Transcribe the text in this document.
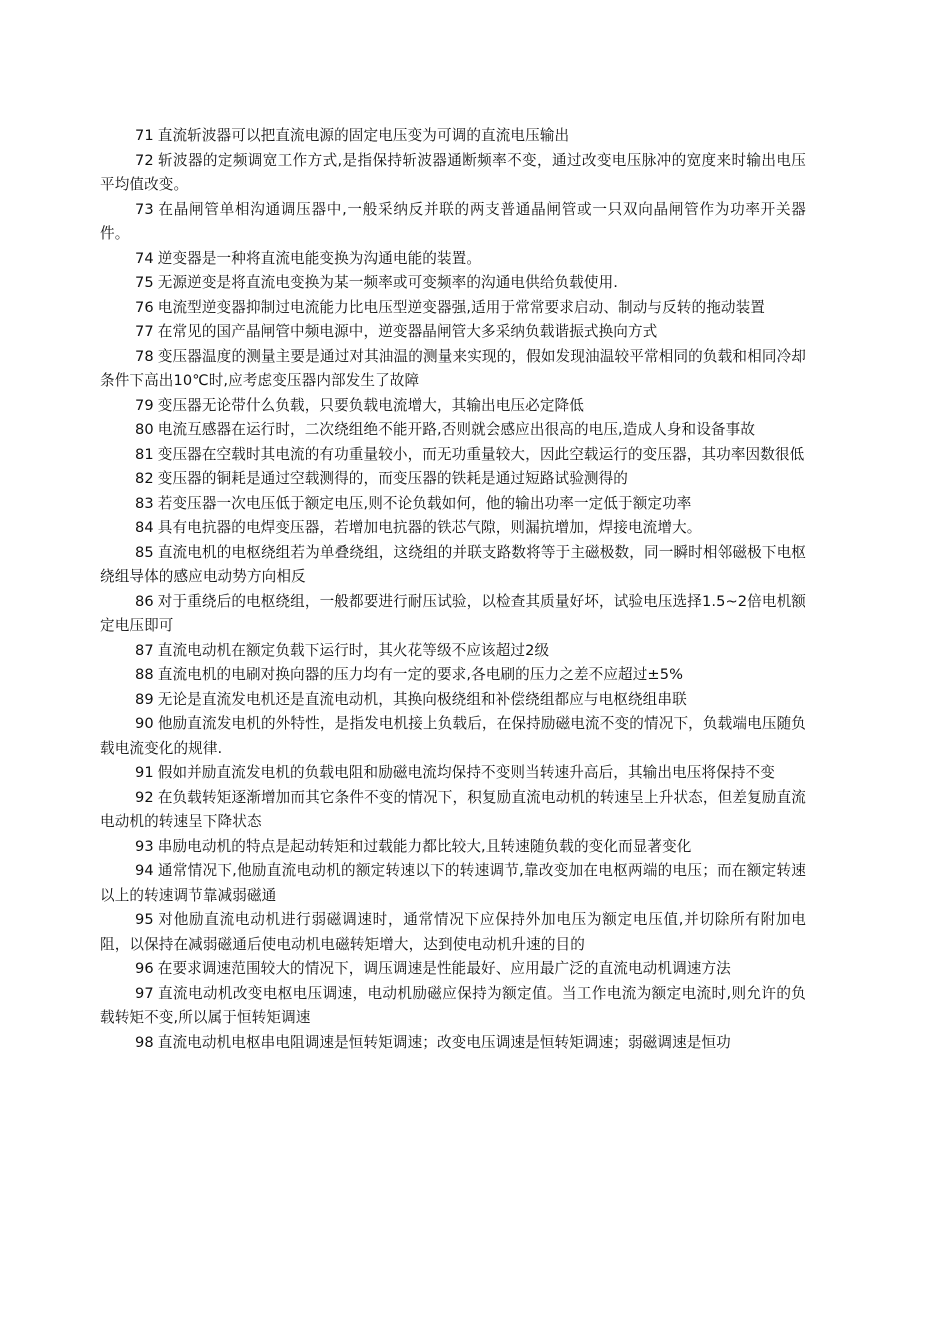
71 直流斩波器可以把直流电源的固定电压变为可调的直流电压输出

72 斩波器的定频调宽工作方式,是指保持斩波器通断频率不变，通过改变电压脉冲的宽度来时输出电压平均值改变。

73 在晶闸管单相沟通调压器中,一般采纳反并联的两支普通晶闸管或一只双向晶闸管作为功率开关器件。

74 逆变器是一种将直流电能变换为沟通电能的装置。

75 无源逆变是将直流电变换为某一频率或可变频率的沟通电供给负载使用.

76 电流型逆变器抑制过电流能力比电压型逆变器强,适用于常常要求启动、制动与反转的拖动装置

77 在常见的国产晶闸管中频电源中，逆变器晶闸管大多采纳负载谐振式换向方式

78 变压器温度的测量主要是通过对其油温的测量来实现的，假如发现油温较平常相同的负载和相同冷却条件下高出10℃时,应考虑变压器内部发生了故障

79 变压器无论带什么负载，只要负载电流增大，其输出电压必定降低

80 电流互感器在运行时，二次绕组绝不能开路,否则就会感应出很高的电压,造成人身和设备事故

81 变压器在空载时其电流的有功重量较小，而无功重量较大，因此空载运行的变压器，其功率因数很低

82 变压器的铜耗是通过空载测得的，而变压器的铁耗是通过短路试验测得的

83 若变压器一次电压低于额定电压,则不论负载如何，他的输出功率一定低于额定功率

84 具有电抗器的电焊变压器，若增加电抗器的铁芯气隙，则漏抗增加，焊接电流增大。

85 直流电机的电枢绕组若为单叠绕组，这绕组的并联支路数将等于主磁极数，同一瞬时相邻磁极下电枢绕组导体的感应电动势方向相反

86 对于重绕后的电枢绕组，一般都要进行耐压试验，以检查其质量好坏，试验电压选择1.5~2倍电机额定电压即可

87 直流电动机在额定负载下运行时，其火花等级不应该超过2级

88 直流电机的电刷对换向器的压力均有一定的要求,各电刷的压力之差不应超过±5%

89 无论是直流发电机还是直流电动机，其换向极绕组和补偿绕组都应与电枢绕组串联

90 他励直流发电机的外特性，是指发电机接上负载后，在保持励磁电流不变的情况下，负载端电压随负载电流变化的规律.

91 假如并励直流发电机的负载电阻和励磁电流均保持不变则当转速升高后，其输出电压将保持不变

92 在负载转矩逐渐增加而其它条件不变的情况下，积复励直流电动机的转速呈上升状态，但差复励直流电动机的转速呈下降状态

93 串励电动机的特点是起动转矩和过载能力都比较大,且转速随负载的变化而显著变化

94 通常情况下,他励直流电动机的额定转速以下的转速调节,靠改变加在电枢两端的电压；而在额定转速以上的转速调节靠减弱磁通

95 对他励直流电动机进行弱磁调速时，通常情况下应保持外加电压为额定电压值,并切除所有附加电阻，以保持在减弱磁通后使电动机电磁转矩增大，达到使电动机升速的目的

96 在要求调速范围较大的情况下，调压调速是性能最好、应用最广泛的直流电动机调速方法

97 直流电动机改变电枢电压调速，电动机励磁应保持为额定值。当工作电流为额定电流时,则允许的负载转矩不变,所以属于恒转矩调速

98 直流电动机电枢串电阻调速是恒转矩调速；改变电压调速是恒转矩调速；弱磁调速是恒功
